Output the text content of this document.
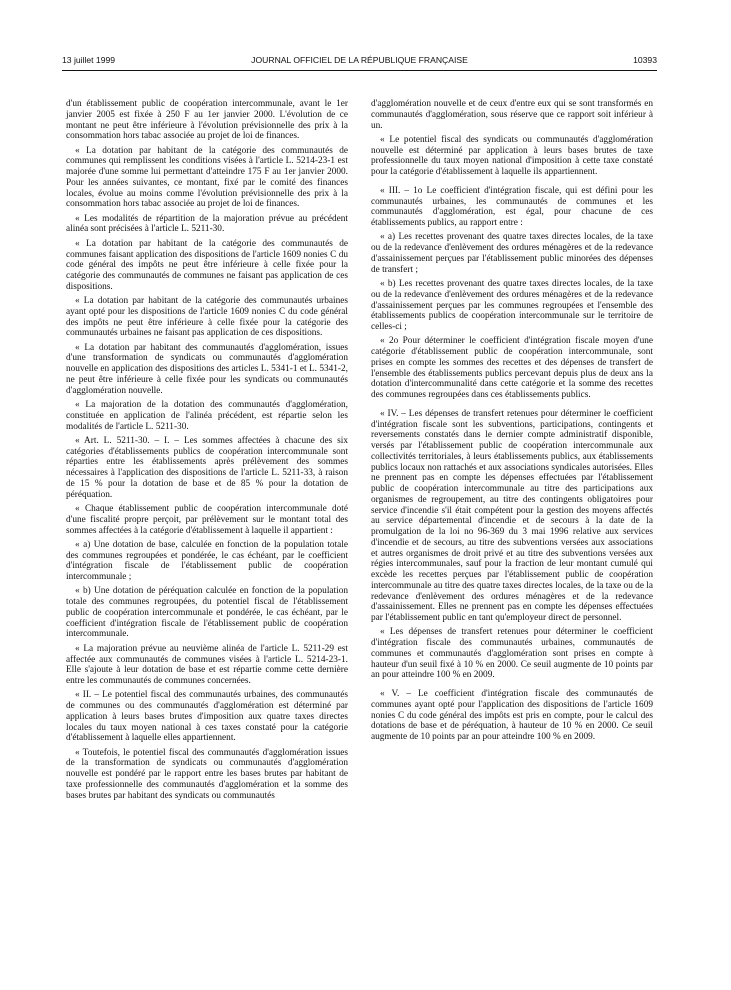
13 juillet 1999	JOURNAL OFFICIEL DE LA RÉPUBLIQUE FRANÇAISE	10393

d'un établissement public de coopération intercommunale, avant le 1er janvier 2005 est fixée à 250 F au 1er janvier 2000. L'évolution de ce montant ne peut être inférieure à l'évolution prévisionnelle des prix à la consommation hors tabac associée au projet de loi de finances.

« La dotation par habitant de la catégorie des communautés de communes qui remplissent les conditions visées à l'article L. 5214-23-1 est majorée d'une somme lui permettant d'atteindre 175 F au 1er janvier 2000. Pour les années suivantes, ce montant, fixé par le comité des finances locales, évolue au moins comme l'évolution prévisionnelle des prix à la consommation hors tabac associée au projet de loi de finances.

« Les modalités de répartition de la majoration prévue au précédent alinéa sont précisées à l'article L. 5211-30.

« La dotation par habitant de la catégorie des communautés de communes faisant application des dispositions de l'article 1609 nonies C du code général des impôts ne peut être inférieure à celle fixée pour la catégorie des communautés de communes ne faisant pas application de ces dispositions.

« La dotation par habitant de la catégorie des communautés urbaines ayant opté pour les dispositions de l'article 1609 nonies C du code général des impôts ne peut être inférieure à celle fixée pour la catégorie des communautés urbaines ne faisant pas application de ces dispositions.

« La dotation par habitant des communautés d'agglomération, issues d'une transformation de syndicats ou communautés d'agglomération nouvelle en application des dispositions des articles L. 5341-1 et L. 5341-2, ne peut être inférieure à celle fixée pour les syndicats ou communautés d'agglomération nouvelle.

« La majoration de la dotation des communautés d'agglomération, constituée en application de l'alinéa précédent, est répartie selon les modalités de l'article L. 5211-30.

« Art. L. 5211-30. – I. – Les sommes affectées à chacune des six catégories d'établissements publics de coopération intercommunale sont réparties entre les établissements après prélèvement des sommes nécessaires à l'application des dispositions de l'article L. 5211-33, à raison de 15 % pour la dotation de base et de 85 % pour la dotation de péréquation.

« Chaque établissement public de coopération intercommunale doté d'une fiscalité propre perçoit, par prélèvement sur le montant total des sommes affectées à la catégorie d'établissement à laquelle il appartient :

« a) Une dotation de base, calculée en fonction de la population totale des communes regroupées et pondérée, le cas échéant, par le coefficient d'intégration fiscale de l'établissement public de coopération intercommunale ;

« b) Une dotation de péréquation calculée en fonction de la population totale des communes regroupées, du potentiel fiscal de l'établissement public de coopération intercommunale et pondérée, le cas échéant, par le coefficient d'intégration fiscale de l'établissement public de coopération intercommunale.

« La majoration prévue au neuvième alinéa de l'article L. 5211-29 est affectée aux communautés de communes visées à l'article L. 5214-23-1. Elle s'ajoute à leur dotation de base et est répartie comme cette dernière entre les communautés de communes concernées.

« II. – Le potentiel fiscal des communautés urbaines, des communautés de communes ou des communautés d'agglomération est déterminé par application à leurs bases brutes d'imposition aux quatre taxes directes locales du taux moyen national à ces taxes constaté pour la catégorie d'établissement à laquelle elles appartiennent.

« Toutefois, le potentiel fiscal des communautés d'agglomération issues de la transformation de syndicats ou communautés d'agglomération nouvelle est pondéré par le rapport entre les bases brutes par habitant de taxe professionnelle des communautés d'agglomération et la somme des bases brutes par habitant des syndicats ou communautés

d'agglomération nouvelle et de ceux d'entre eux qui se sont transformés en communautés d'agglomération, sous réserve que ce rapport soit inférieur à un.

« Le potentiel fiscal des syndicats ou communautés d'agglomération nouvelle est déterminé par application à leurs bases brutes de taxe professionnelle du taux moyen national d'imposition à cette taxe constaté pour la catégorie d'établissement à laquelle ils appartiennent.

« III. – 1o Le coefficient d'intégration fiscale, qui est défini pour les communautés urbaines, les communautés de communes et les communautés d'agglomération, est égal, pour chacune de ces établissements publics, au rapport entre :

« a) Les recettes provenant des quatre taxes directes locales, de la taxe ou de la redevance d'enlèvement des ordures ménagères et de la redevance d'assainissement perçues par l'établissement public minorées des dépenses de transfert ;

« b) Les recettes provenant des quatre taxes directes locales, de la taxe ou de la redevance d'enlèvement des ordures ménagères et de la redevance d'assainissement perçues par les communes regroupées et l'ensemble des établissements publics de coopération intercommunale sur le territoire de celles-ci ;

« 2o Pour déterminer le coefficient d'intégration fiscale moyen d'une catégorie d'établissement public de coopération intercommunale, sont prises en compte les sommes des recettes et des dépenses de transfert de l'ensemble des établissements publics percevant depuis plus de deux ans la dotation d'intercommunalité dans cette catégorie et la somme des recettes des communes regroupées dans ces établissements publics.

« IV. – Les dépenses de transfert retenues pour déterminer le coefficient d'intégration fiscale sont les subventions, participations, contingents et reversements constatés dans le dernier compte administratif disponible, versés par l'établissement public de coopération intercommunale aux collectivités territoriales, à leurs établissements publics, aux établissements publics locaux non rattachés et aux associations syndicales autorisées. Elles ne prennent pas en compte les dépenses effectuées par l'établissement public de coopération intercommunale au titre des participations aux organismes de regroupement, au titre des contingents obligatoires pour service d'incendie s'il était compétent pour la gestion des moyens affectés au service départemental d'incendie et de secours à la date de la promulgation de la loi no 96-369 du 3 mai 1996 relative aux services d'incendie et de secours, au titre des subventions versées aux associations et autres organismes de droit privé et au titre des subventions versées aux régies intercommunales, sauf pour la fraction de leur montant cumulé qui excède les recettes perçues par l'établissement public de coopération intercommunale au titre des quatre taxes directes locales, de la taxe ou de la redevance d'enlèvement des ordures ménagères et de la redevance d'assainissement. Elles ne prennent pas en compte les dépenses effectuées par l'établissement public en tant qu'employeur direct de personnel.

« Les dépenses de transfert retenues pour déterminer le coefficient d'intégration fiscale des communautés urbaines, communautés de communes et communautés d'agglomération sont prises en compte à hauteur d'un seuil fixé à 10 % en 2000. Ce seuil augmente de 10 points par an pour atteindre 100 % en 2009.

« V. – Le coefficient d'intégration fiscale des communautés de communes ayant opté pour l'application des dispositions de l'article 1609 nonies C du code général des impôts est pris en compte, pour le calcul des dotations de base et de péréquation, à hauteur de 10 % en 2000. Ce seuil augmente de 10 points par an pour atteindre 100 % en 2009.
